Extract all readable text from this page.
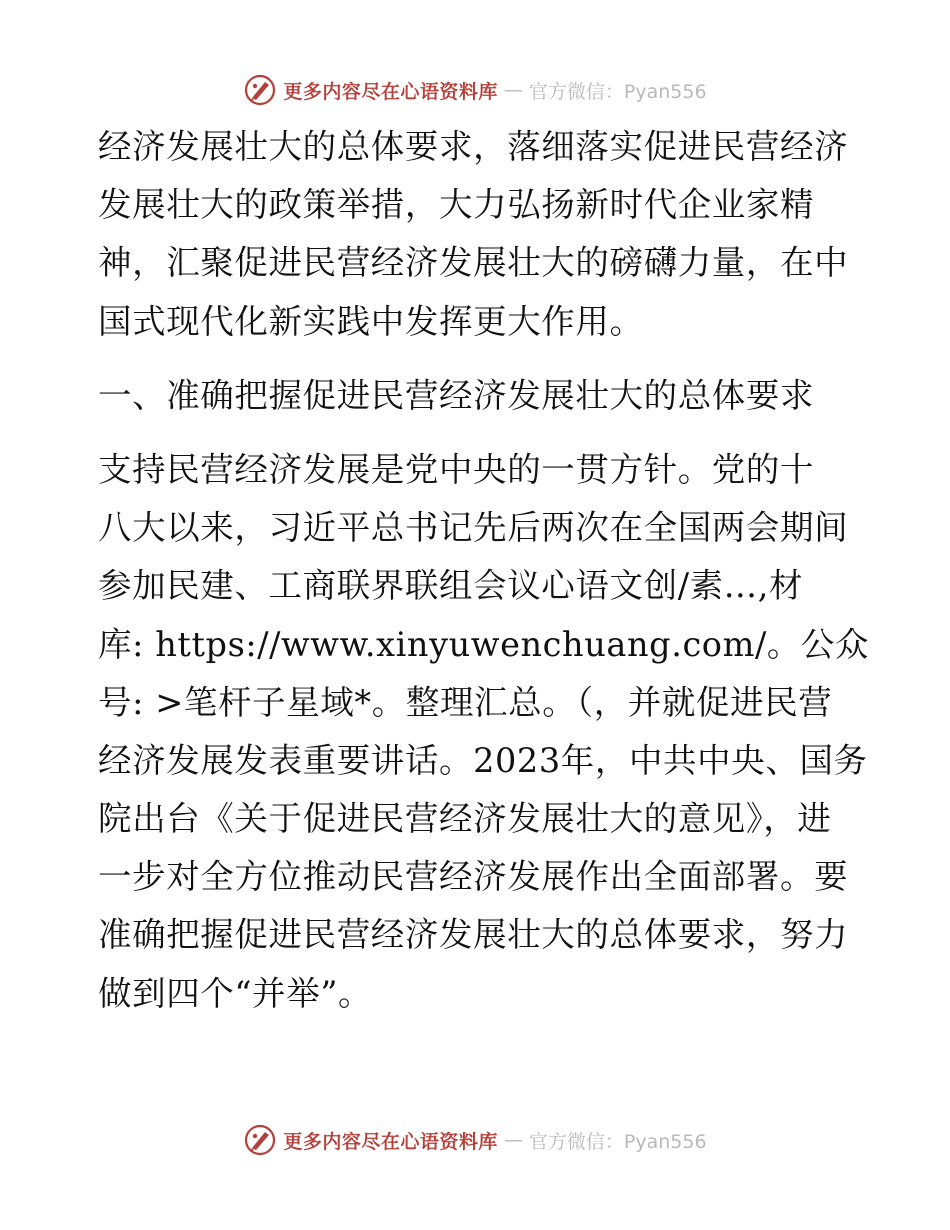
更多内容尽在心语资料库 — 官方微信：Pyan556
经济发展壮大的总体要求，落细落实促进民营经济
发展壮大的政策举措，大力弘扬新时代企业家精
神，汇聚促进民营经济发展壮大的磅礴力量，在中
国式现代化新实践中发挥更大作用。
一、准确把握促进民营经济发展壮大的总体要求
支持民营经济发展是党中央的一贯方针。党的十
八大以来，习近平总书记先后两次在全国两会期间
参加民建、工商联界联组会议心语文创/素…,材
库: https://www.xinyuwenchuang.com/。公众
号: >笔杆子星域*。整理汇总。（，并就促进民营
经济发展发表重要讲话。2023年，中共中央、国务
院出台《关于促进民营经济发展壮大的意见》，进
一步对全方位推动民营经济发展作出全面部署。要
准确把握促进民营经济发展壮大的总体要求，努力
做到四个“并举”。
更多内容尽在心语资料库 — 官方微信：Pyan556
